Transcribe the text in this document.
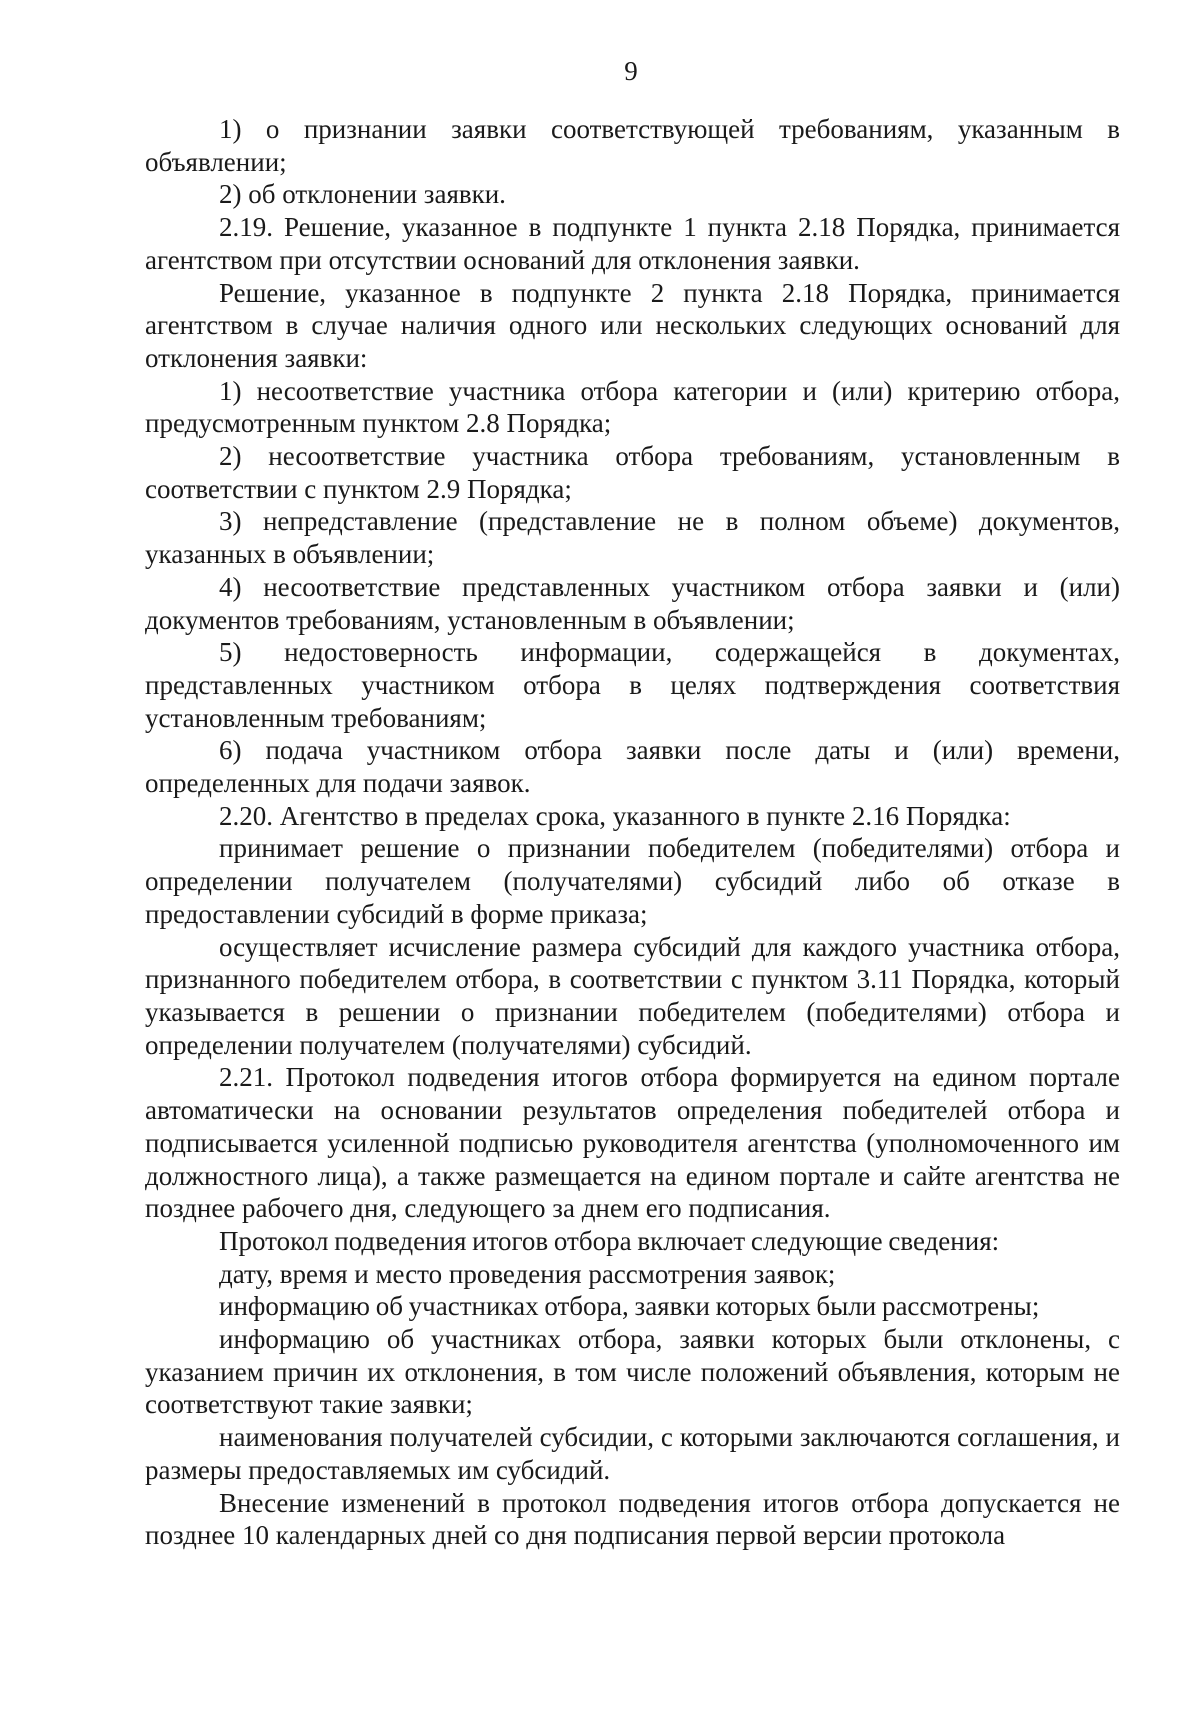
9

1) о признании заявки соответствующей требованиям, указанным в объявлении;

2) об отклонении заявки.

2.19. Решение, указанное в подпункте 1 пункта 2.18 Порядка, принимается агентством при отсутствии оснований для отклонения заявки.

Решение, указанное в подпункте 2 пункта 2.18 Порядка, принимается агентством в случае наличия одного или нескольких следующих оснований для отклонения заявки:

1) несоответствие участника отбора категории и (или) критерию отбора, предусмотренным пунктом 2.8 Порядка;

2) несоответствие участника отбора требованиям, установленным в соответствии с пунктом 2.9 Порядка;

3) непредставление (представление не в полном объеме) документов, указанных в объявлении;

4) несоответствие представленных участником отбора заявки и (или) документов требованиям, установленным в объявлении;

5) недостоверность информации, содержащейся в документах, представленных участником отбора в целях подтверждения соответствия установленным требованиям;

6) подача участником отбора заявки после даты и (или) времени, определенных для подачи заявок.

2.20. Агентство в пределах срока, указанного в пункте 2.16 Порядка:

принимает решение о признании победителем (победителями) отбора и определении получателем (получателями) субсидий либо об отказе в предоставлении субсидий в форме приказа;

осуществляет исчисление размера субсидий для каждого участника отбора, признанного победителем отбора, в соответствии с пунктом 3.11 Порядка, который указывается в решении о признании победителем (победителями) отбора и определении получателем (получателями) субсидий.

2.21. Протокол подведения итогов отбора формируется на едином портале автоматически на основании результатов определения победителей отбора и подписывается усиленной подписью руководителя агентства (уполномоченного им должностного лица), а также размещается на едином портале и сайте агентства не позднее рабочего дня, следующего за днем его подписания.

Протокол подведения итогов отбора включает следующие сведения:

дату, время и место проведения рассмотрения заявок;

информацию об участниках отбора, заявки которых были рассмотрены;

информацию об участниках отбора, заявки которых были отклонены, с указанием причин их отклонения, в том числе положений объявления, которым не соответствуют такие заявки;

наименования получателей субсидии, с которыми заключаются соглашения, и размеры предоставляемых им субсидий.

Внесение изменений в протокол подведения итогов отбора допускается не позднее 10 календарных дней со дня подписания первой версии протокола
